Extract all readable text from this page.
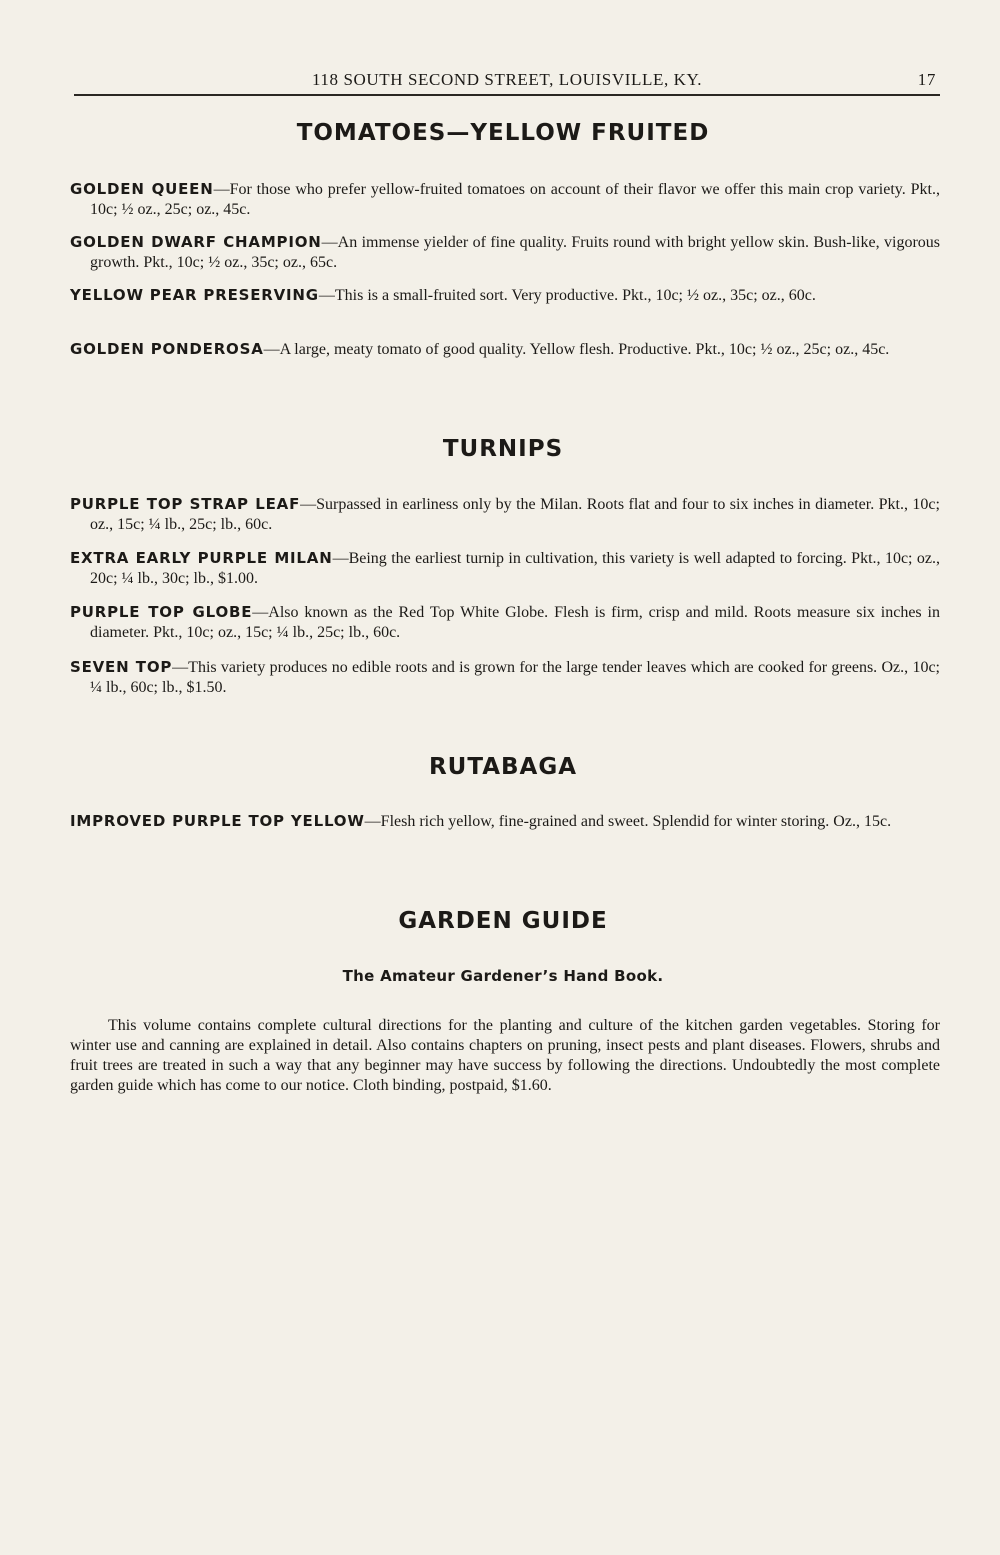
118 SOUTH SECOND STREET, LOUISVILLE, KY.	17
TOMATOES—YELLOW FRUITED
GOLDEN QUEEN—For those who prefer yellow-fruited tomatoes on account of their flavor we offer this main crop variety. Pkt., 10c; ½ oz., 25c; oz., 45c.
GOLDEN DWARF CHAMPION—An immense yielder of fine quality. Fruits round with bright yellow skin. Bush-like, vigorous growth. Pkt., 10c; ½ oz., 35c; oz., 65c.
YELLOW PEAR PRESERVING—This is a small-fruited sort. Very productive. Pkt., 10c; ½ oz., 35c; oz., 60c.
GOLDEN PONDEROSA—A large, meaty tomato of good quality. Yellow flesh. Productive. Pkt., 10c; ½ oz., 25c; oz., 45c.
TURNIPS
PURPLE TOP STRAP LEAF—Surpassed in earliness only by the Milan. Roots flat and four to six inches in diameter. Pkt., 10c; oz., 15c; ¼ lb., 25c; lb., 60c.
EXTRA EARLY PURPLE MILAN—Being the earliest turnip in cultivation, this variety is well adapted to forcing. Pkt., 10c; oz., 20c; ¼ lb., 30c; lb., $1.00.
PURPLE TOP GLOBE—Also known as the Red Top White Globe. Flesh is firm, crisp and mild. Roots measure six inches in diameter. Pkt., 10c; oz., 15c; ¼ lb., 25c; lb., 60c.
SEVEN TOP—This variety produces no edible roots and is grown for the large tender leaves which are cooked for greens. Oz., 10c; ¼ lb., 60c; lb., $1.50.
RUTABAGA
IMPROVED PURPLE TOP YELLOW—Flesh rich yellow, fine-grained and sweet. Splendid for winter storing. Oz., 15c.
GARDEN GUIDE
The Amateur Gardener’s Hand Book.
This volume contains complete cultural directions for the planting and culture of the kitchen garden vegetables. Storing for winter use and canning are explained in detail. Also contains chapters on pruning, insect pests and plant diseases. Flowers, shrubs and fruit trees are treated in such a way that any beginner may have success by following the directions. Undoubtedly the most complete garden guide which has come to our notice. Cloth binding, postpaid, $1.60.
